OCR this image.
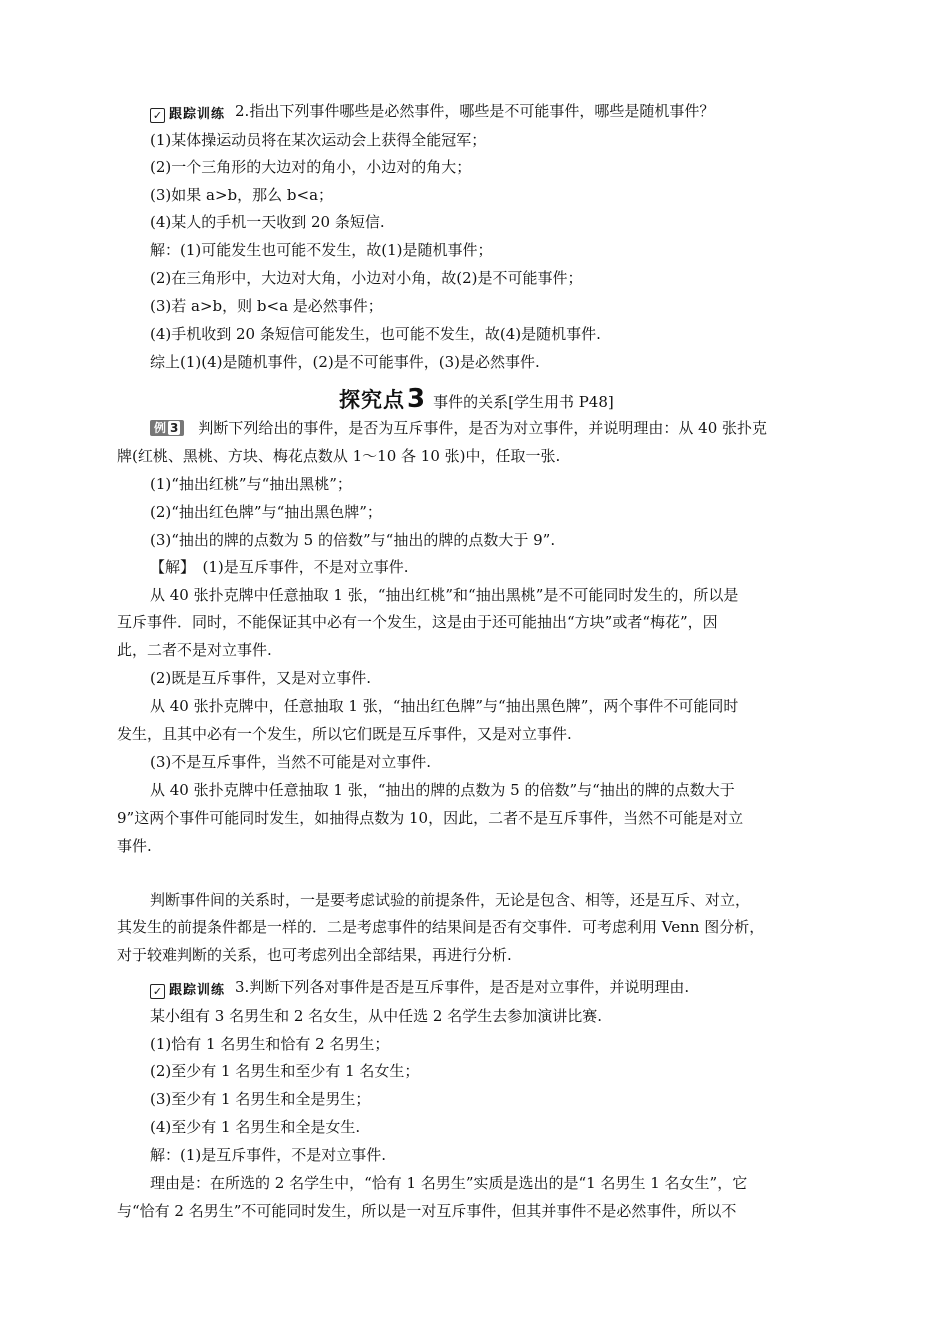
✓ 跟踪训练 2.指出下列事件哪些是必然事件，哪些是不可能事件，哪些是随机事件？
(1)某体操运动员将在某次运动会上获得全能冠军；
(2)一个三角形的大边对的角小，小边对的角大；
(3)如果 a>b，那么 b<a；
(4)某人的手机一天收到 20 条短信.
解：(1)可能发生也可能不发生，故(1)是随机事件；
(2)在三角形中，大边对大角，小边对小角，故(2)是不可能事件；
(3)若 a>b，则 b<a 是必然事件；
(4)手机收到 20 条短信可能发生，也可能不发生，故(4)是随机事件.
综上(1)(4)是随机事件，(2)是不可能事件，(3)是必然事件.
探究点3 事件的关系[学生用书 P48]
例 3 判断下列给出的事件，是否为互斥事件，是否为对立事件，并说明理由：从 40 张扑克
牌(红桃、黑桃、方块、梅花点数从 1～10 各 10 张)中，任取一张.
(1)“抽出红桃”与“抽出黑桃”；
(2)“抽出红色牌”与“抽出黑色牌”；
(3)“抽出的牌的点数为 5 的倍数”与“抽出的牌的点数大于 9”.
【解】　(1)是互斥事件，不是对立事件.
从 40 张扑克牌中任意抽取 1 张，“抽出红桃”和“抽出黑桃”是不可能同时发生的，所以是
互斥事件．同时，不能保证其中必有一个发生，这是由于还可能抽出“方块”或者“梅花”，因
此，二者不是对立事件.
(2)既是互斥事件，又是对立事件.
从 40 张扑克牌中，任意抽取 1 张，“抽出红色牌”与“抽出黑色牌”，两个事件不可能同时
发生，且其中必有一个发生，所以它们既是互斥事件，又是对立事件.
(3)不是互斥事件，当然不可能是对立事件.
从 40 张扑克牌中任意抽取 1 张，“抽出的牌的点数为 5 的倍数”与“抽出的牌的点数大于
9”这两个事件可能同时发生，如抽得点数为 10，因此，二者不是互斥事件，当然不可能是对立
事件.
判断事件间的关系时，一是要考虑试验的前提条件，无论是包含、相等，还是互斥、对立，
其发生的前提条件都是一样的．二是考虑事件的结果间是否有交事件．可考虑利用 Venn 图分析，
对于较难判断的关系，也可考虑列出全部结果，再进行分析.
✓ 跟踪训练 3.判断下列各对事件是否是互斥事件，是否是对立事件，并说明理由.
某小组有 3 名男生和 2 名女生，从中任选 2 名学生去参加演讲比赛.
(1)恰有 1 名男生和恰有 2 名男生；
(2)至少有 1 名男生和至少有 1 名女生；
(3)至少有 1 名男生和全是男生；
(4)至少有 1 名男生和全是女生.
解：(1)是互斥事件，不是对立事件.
理由是：在所选的 2 名学生中，“恰有 1 名男生”实质是选出的是“1 名男生 1 名女生”，它
与“恰有 2 名男生”不可能同时发生，所以是一对互斥事件，但其并事件不是必然事件，所以不
